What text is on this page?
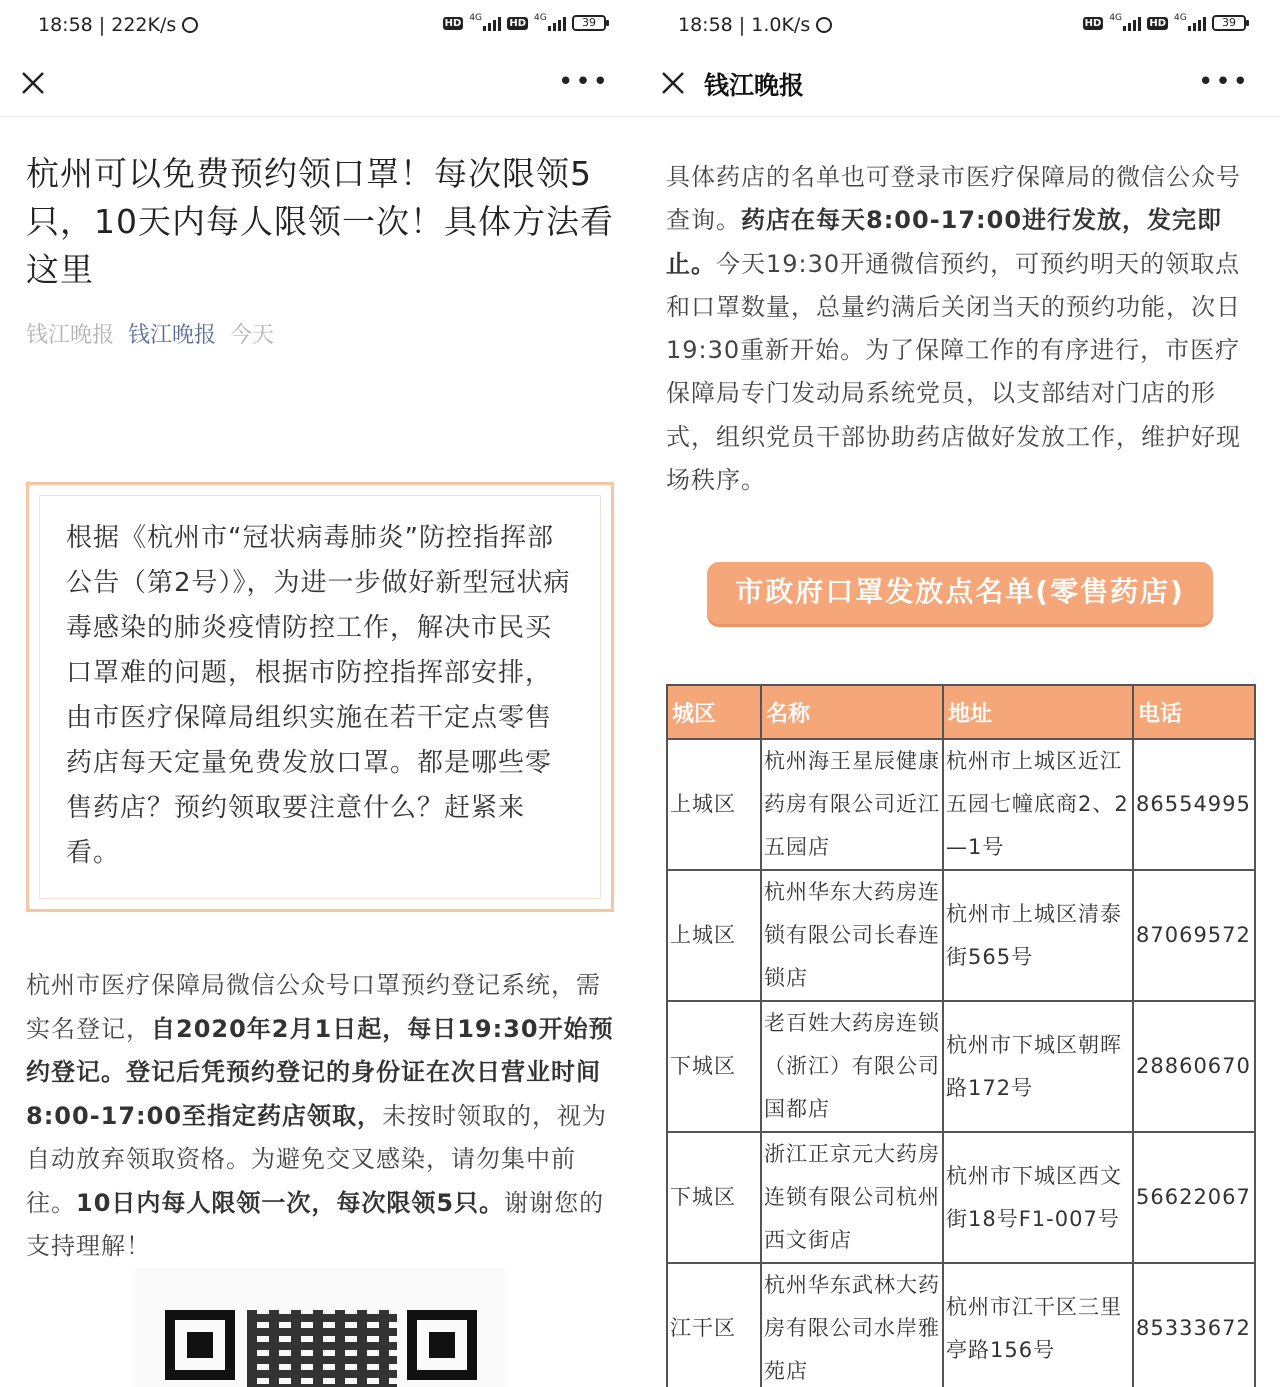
18:58 | 222K/s	HD 4G	HD 4G	39
•••
杭州可以免费预约领口罩！每次限领5只，10天内每人限领一次！具体方法看这里
钱江晚报 钱江晚报 今天
根据《杭州市“冠状病毒肺炎”防控指挥部公告（第2号）》，为进一步做好新型冠状病毒感染的肺炎疫情防控工作，解决市民买口罩难的问题，根据市防控指挥部安排，由市医疗保障局组织实施在若干定点零售药店每天定量免费发放口罩。都是哪些零售药店？预约领取要注意什么？赶紧来看。
杭州市医疗保障局微信公众号口罩预约登记系统，需实名登记，自2020年2月1日起，每日19:30开始预约登记。登记后凭预约登记的身份证在次日营业时间8:00-17:00至指定药店领取，未按时领取的，视为自动放弃领取资格。为避免交叉感染，请勿集中前往。10日内每人限领一次，每次限领5只。谢谢您的支持理解！
18:58 | 1.0K/s	HD 4G	HD 4G	39
钱江晚报	•••
具体药店的名单也可登录市医疗保障局的微信公众号查询。药店在每天8:00-17:00进行发放，发完即止。今天19:30开通微信预约，可预约明天的领取点和口罩数量，总量约满后关闭当天的预约功能，次日19:30重新开始。为了保障工作的有序进行，市医疗保障局专门发动局系统党员，以支部结对门店的形式，组织党员干部协助药店做好发放工作，维护好现场秩序。
市政府口罩发放点名单(零售药店)
城区	名称	地址	电话
上城区	杭州海王星辰健康药房有限公司近江五园店	杭州市上城区近江五园七幢底商2、2—1号	86554995
上城区	杭州华东大药房连锁有限公司长春连锁店	杭州市上城区清泰街565号	87069572
下城区	老百姓大药房连锁（浙江）有限公司国都店	杭州市下城区朝晖路172号	28860670
下城区	浙江正京元大药房连锁有限公司杭州西文街店	杭州市下城区西文街18号F1-007号	56622067
江干区	杭州华东武林大药房有限公司水岸雅苑店	杭州市江干区三里亭路156号	85333672
